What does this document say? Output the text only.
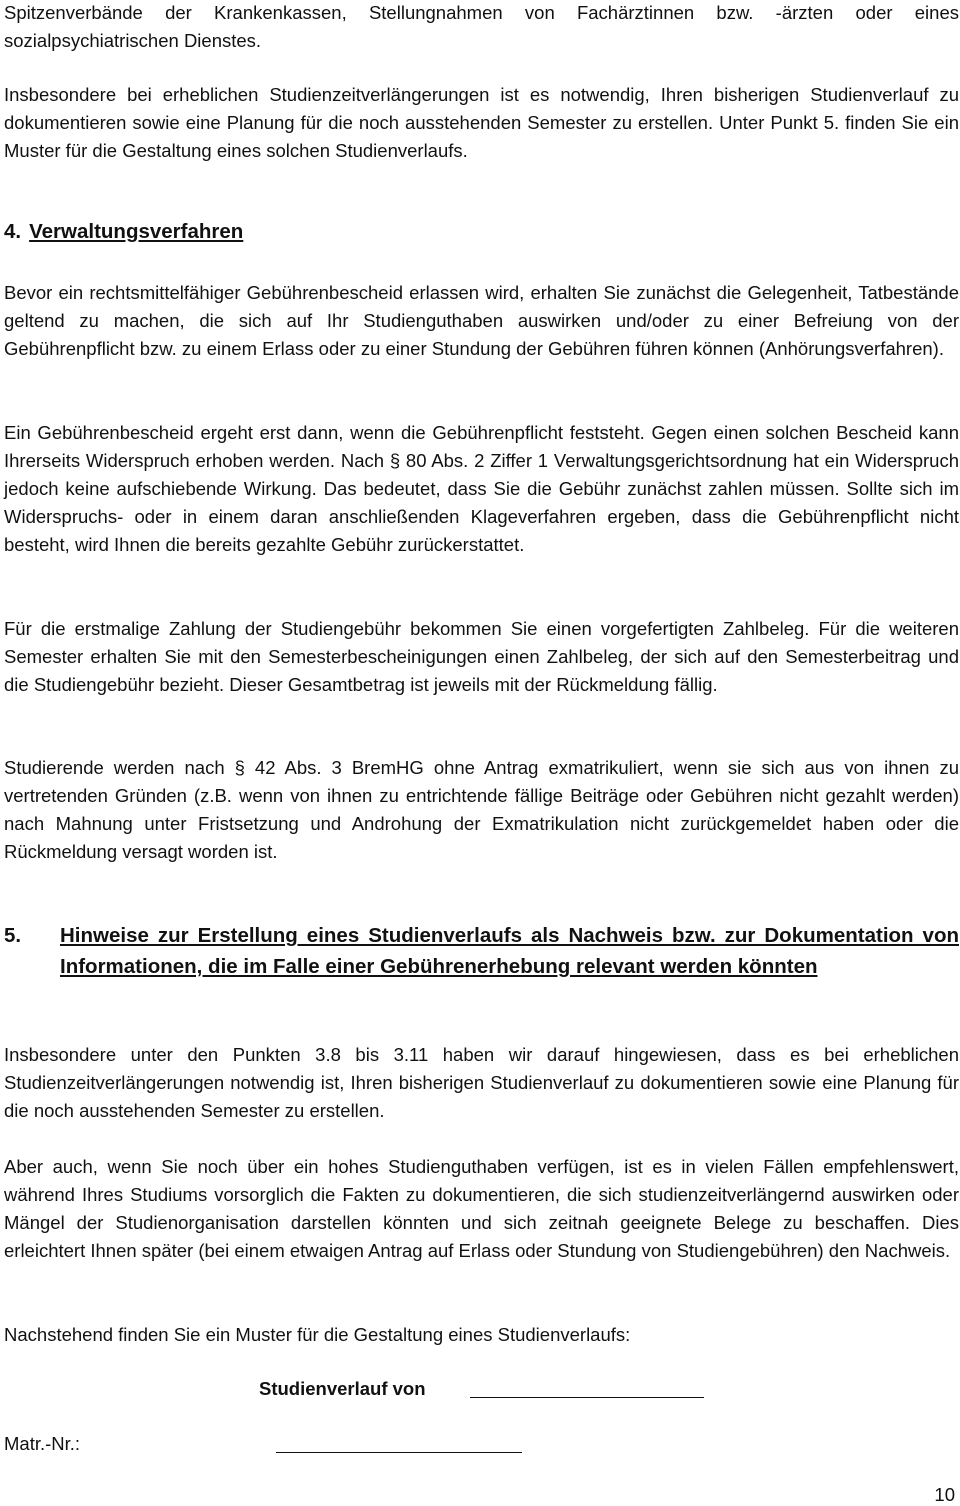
Spitzenverbände der Krankenkassen, Stellungnahmen von Fachärztinnen bzw. -ärzten oder eines sozialpsychiatrischen Dienstes.

Insbesondere bei erheblichen Studienzeitverlängerungen ist es notwendig, Ihren bisherigen Studienverlauf zu dokumentieren sowie eine Planung für die noch ausstehenden Semester zu erstellen. Unter Punkt 5. finden Sie ein Muster für die Gestaltung eines solchen Studienverlaufs.

4. Verwaltungsverfahren

Bevor ein rechtsmittelfähiger Gebührenbescheid erlassen wird, erhalten Sie zunächst die Gelegenheit, Tatbestände geltend zu machen, die sich auf Ihr Studienguthaben auswirken und/oder zu einer Befreiung von der Gebührenpflicht bzw. zu einem Erlass oder zu einer Stundung der Gebühren führen können (Anhörungsverfahren).

Ein Gebührenbescheid ergeht erst dann, wenn die Gebührenpflicht feststeht. Gegen einen solchen Bescheid kann Ihrerseits Widerspruch erhoben werden. Nach § 80 Abs. 2 Ziffer 1 Verwaltungsgerichtsordnung hat ein Widerspruch jedoch keine aufschiebende Wirkung. Das bedeutet, dass Sie die Gebühr zunächst zahlen müssen. Sollte sich im Widerspruchs- oder in einem daran anschließenden Klageverfahren ergeben, dass die Gebührenpflicht nicht besteht, wird Ihnen die bereits gezahlte Gebühr zurückerstattet.

Für die erstmalige Zahlung der Studiengebühr bekommen Sie einen vorgefertigten Zahlbeleg. Für die weiteren Semester erhalten Sie mit den Semesterbescheinigungen einen Zahlbeleg, der sich auf den Semesterbeitrag und die Studiengebühr bezieht. Dieser Gesamtbetrag ist jeweils mit der Rückmeldung fällig.

Studierende werden nach § 42 Abs. 3 BremHG ohne Antrag exmatrikuliert, wenn sie sich aus von ihnen zu vertretenden Gründen (z.B. wenn von ihnen zu entrichtende fällige Beiträge oder Gebühren nicht gezahlt werden) nach Mahnung unter Fristsetzung und Androhung der Exmatrikulation nicht zurückgemeldet haben oder die Rückmeldung versagt worden ist.

5. Hinweise zur Erstellung eines Studienverlaufs als Nachweis bzw. zur Dokumentation von Informationen, die im Falle einer Gebührenerhebung relevant werden könnten

Insbesondere unter den Punkten 3.8 bis 3.11 haben wir darauf hingewiesen, dass es bei erheblichen Studienzeitverlängerungen notwendig ist, Ihren bisherigen Studienverlauf zu dokumentieren sowie eine Planung für die noch ausstehenden Semester zu erstellen.

Aber auch, wenn Sie noch über ein hohes Studienguthaben verfügen, ist es in vielen Fällen empfehlenswert, während Ihres Studiums vorsorglich die Fakten zu dokumentieren, die sich studienzeitverlängernd auswirken oder Mängel der Studienorganisation darstellen könnten und sich zeitnah geeignete Belege zu beschaffen. Dies erleichtert Ihnen später (bei einem etwaigen Antrag auf Erlass oder Stundung von Studiengebühren) den Nachweis.

Nachstehend finden Sie ein Muster für die Gestaltung eines Studienverlaufs:

Studienverlauf von
Matr.-Nr.:
10
